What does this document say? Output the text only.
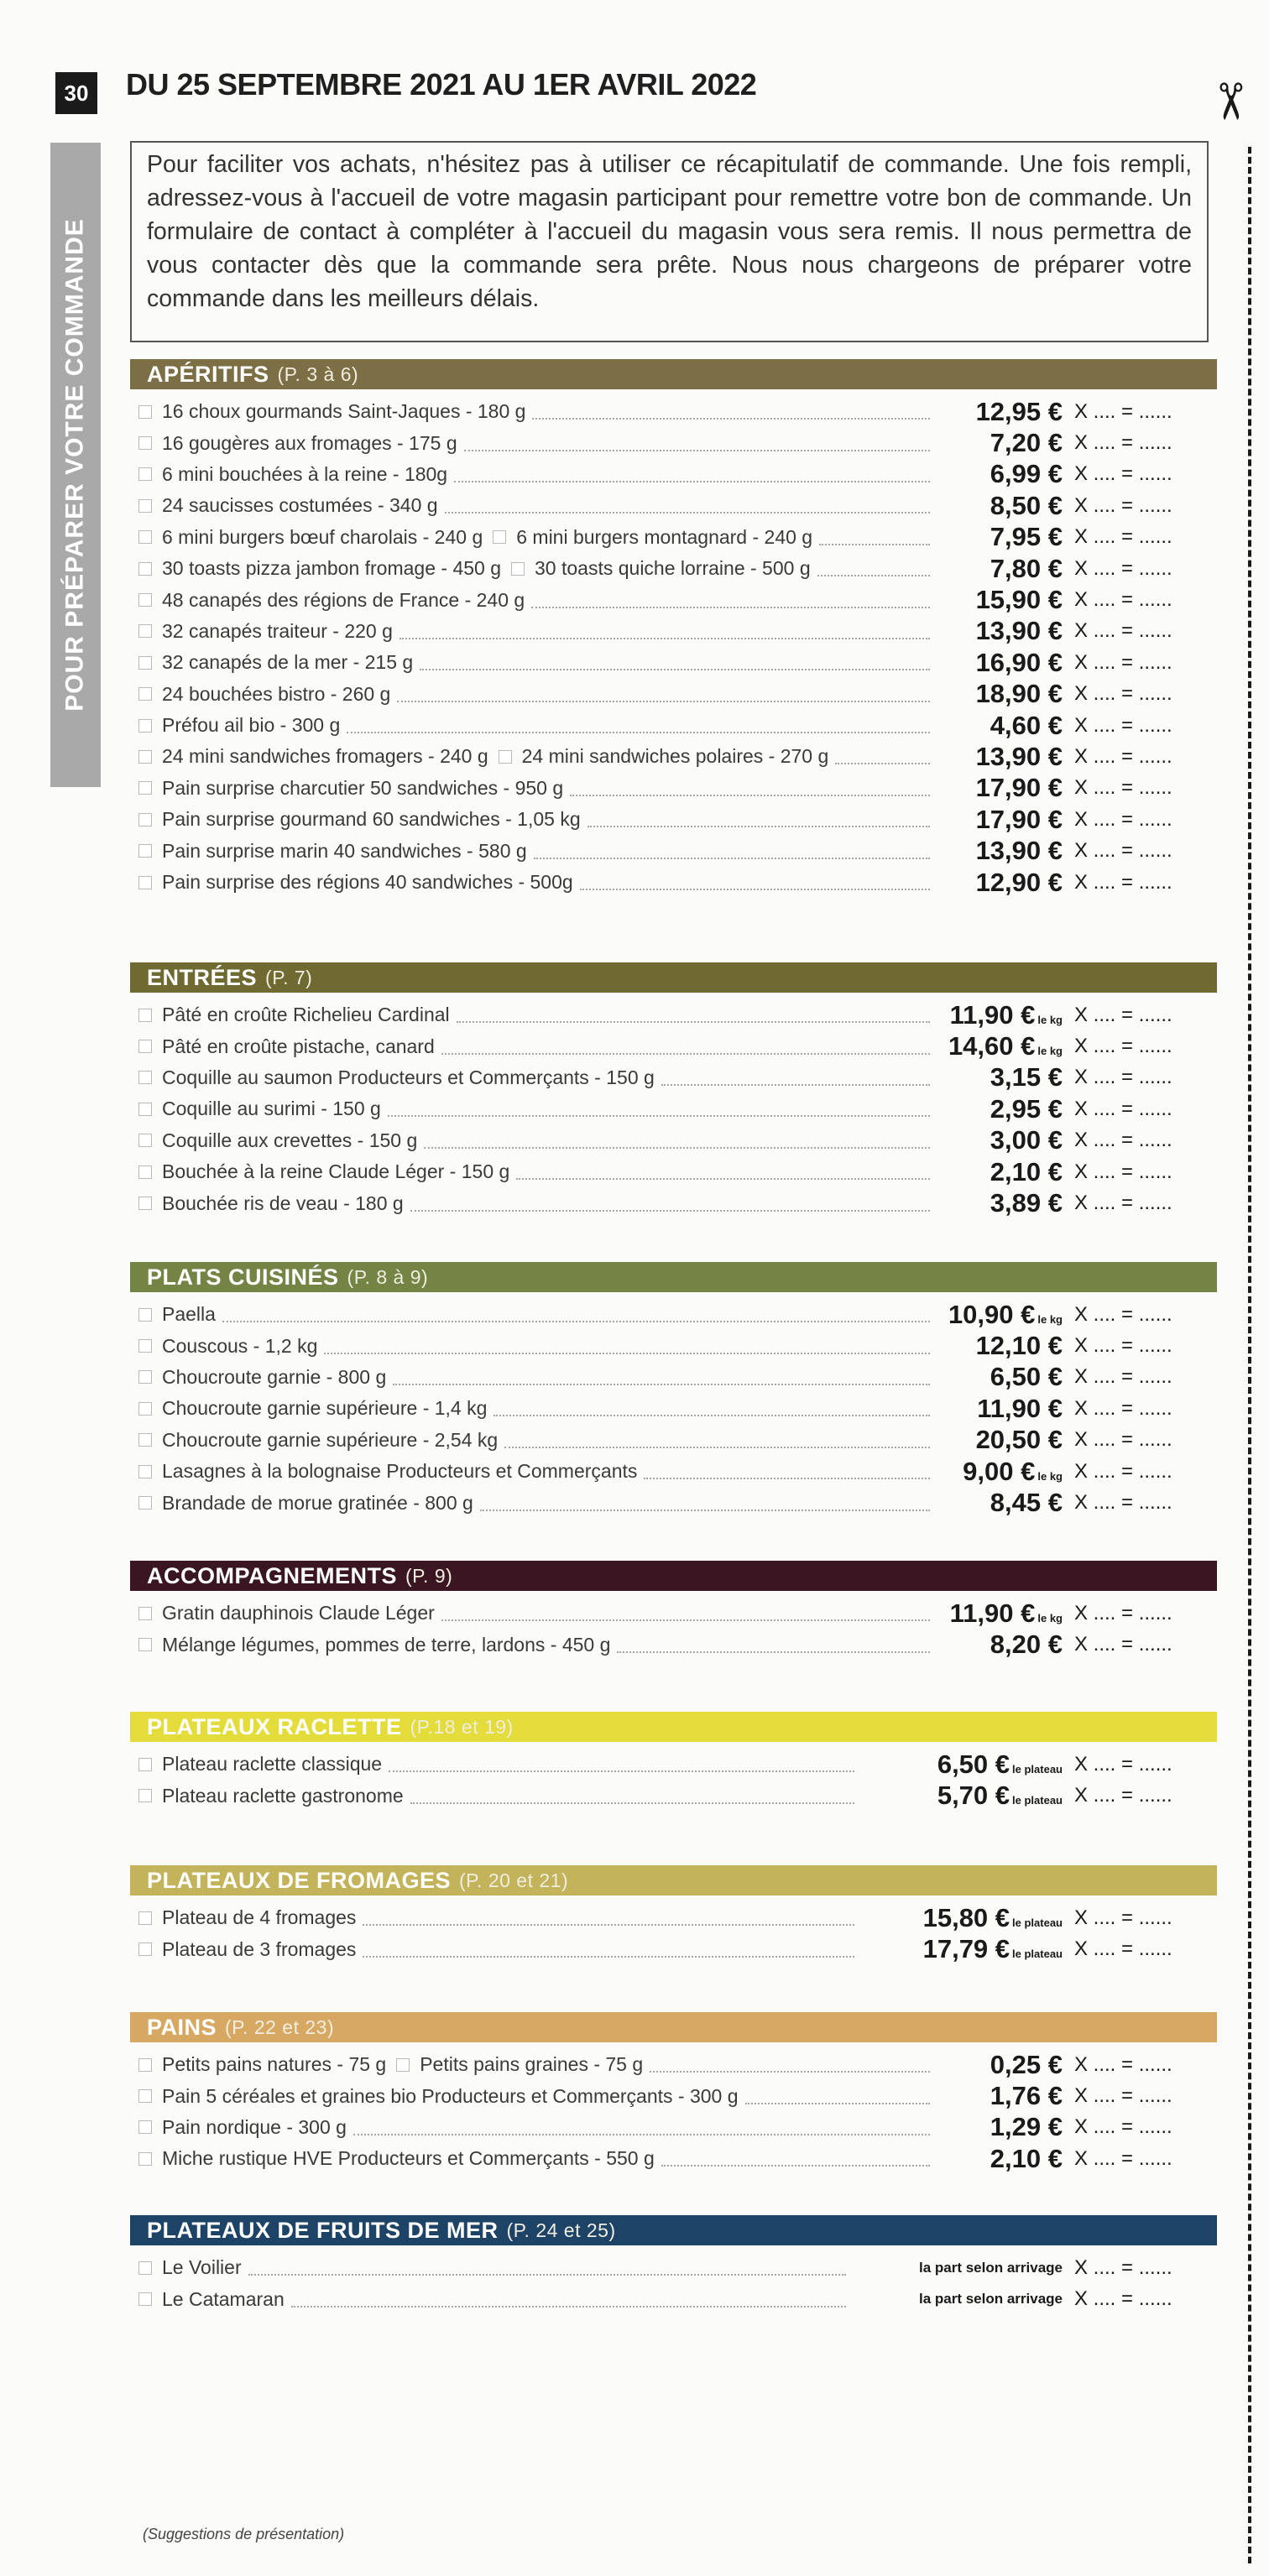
30 DU 25 SEPTEMBRE 2021 AU 1ER AVRIL 2022
POUR PRÉPARER VOTRE COMMANDE
✂
Pour faciliter vos achats, n'hésitez pas à utiliser ce récapitulatif de commande. Une fois rempli, adressez-vous à l'accueil de votre magasin participant pour remettre votre bon de commande. Un formulaire de contact à compléter à l'accueil du magasin vous sera remis. Il nous permettra de vous contacter dès que la commande sera prête. Nous nous chargeons de préparer votre commande dans les meilleurs délais.
APÉRITIFS (P. 3 à 6)
16 choux gourmands Saint-Jaques - 180 g	12,95 € X .... = ......
16 gougères aux fromages - 175 g	7,20 € X .... = ......
6 mini bouchées à la reine - 180g	6,99 € X .... = ......
24 saucisses costumées - 340 g	8,50 € X .... = ......
6 mini burgers bœuf charolais - 240 g 6 mini burgers montagnard - 240 g	7,95 € X .... = ......
30 toasts pizza jambon fromage - 450 g 30 toasts quiche lorraine - 500 g	7,80 € X .... = ......
48 canapés des régions de France - 240 g	15,90 € X .... = ......
32 canapés traiteur - 220 g	13,90 € X .... = ......
32 canapés de la mer - 215 g	16,90 € X .... = ......
24 bouchées bistro - 260 g	18,90 € X .... = ......
Préfou ail bio - 300 g	4,60 € X .... = ......
24 mini sandwiches fromagers - 240 g 24 mini sandwiches polaires - 270 g	13,90 € X .... = ......
Pain surprise charcutier 50 sandwiches - 950 g	17,90 € X .... = ......
Pain surprise gourmand 60 sandwiches - 1,05 kg	17,90 € X .... = ......
Pain surprise marin 40 sandwiches - 580 g	13,90 € X .... = ......
Pain surprise des régions 40 sandwiches - 500g	12,90 € X .... = ......
ENTRÉES (P. 7)
Pâté en croûte Richelieu Cardinal	11,90 € le kg X .... = ......
Pâté en croûte pistache, canard	14,60 € le kg X .... = ......
Coquille au saumon Producteurs et Commerçants - 150 g	3,15 € X .... = ......
Coquille au surimi - 150 g	2,95 € X .... = ......
Coquille aux crevettes - 150 g	3,00 € X .... = ......
Bouchée à la reine Claude Léger - 150 g	2,10 € X .... = ......
Bouchée ris de veau - 180 g	3,89 € X .... = ......
PLATS CUISINÉS (P. 8 à 9)
Paella	10,90 € le kg X .... = ......
Couscous - 1,2 kg	12,10 € X .... = ......
Choucroute garnie - 800 g	6,50 € X .... = ......
Choucroute garnie supérieure - 1,4 kg	11,90 € X .... = ......
Choucroute garnie supérieure - 2,54 kg	20,50 € X .... = ......
Lasagnes à la bolognaise Producteurs et Commerçants	9,00 € le kg X .... = ......
Brandade de morue gratinée - 800 g	8,45 € X .... = ......
ACCOMPAGNEMENTS (P. 9)
Gratin dauphinois Claude Léger	11,90 € le kg X .... = ......
Mélange légumes, pommes de terre, lardons - 450 g	8,20 € X .... = ......
PLATEAUX RACLETTE (P.18 et 19)
Plateau raclette classique	6,50 € le plateau X .... = ......
Plateau raclette gastronome	5,70 € le plateau X .... = ......
PLATEAUX DE FROMAGES (P. 20 et 21)
Plateau de 4 fromages	15,80 € le plateau X .... = ......
Plateau de 3 fromages	17,79 € le plateau X .... = ......
PAINS (P. 22 et 23)
Petits pains natures - 75 g Petits pains graines - 75 g	0,25 € X .... = ......
Pain 5 céréales et graines bio Producteurs et Commerçants - 300 g	1,76 € X .... = ......
Pain nordique - 300 g	1,29 € X .... = ......
Miche rustique HVE Producteurs et Commerçants - 550 g	2,10 € X .... = ......
PLATEAUX DE FRUITS DE MER (P. 24 et 25)
Le Voilier	la part selon arrivage X .... = ......
Le Catamaran	la part selon arrivage X .... = ......
(Suggestions de présentation)
